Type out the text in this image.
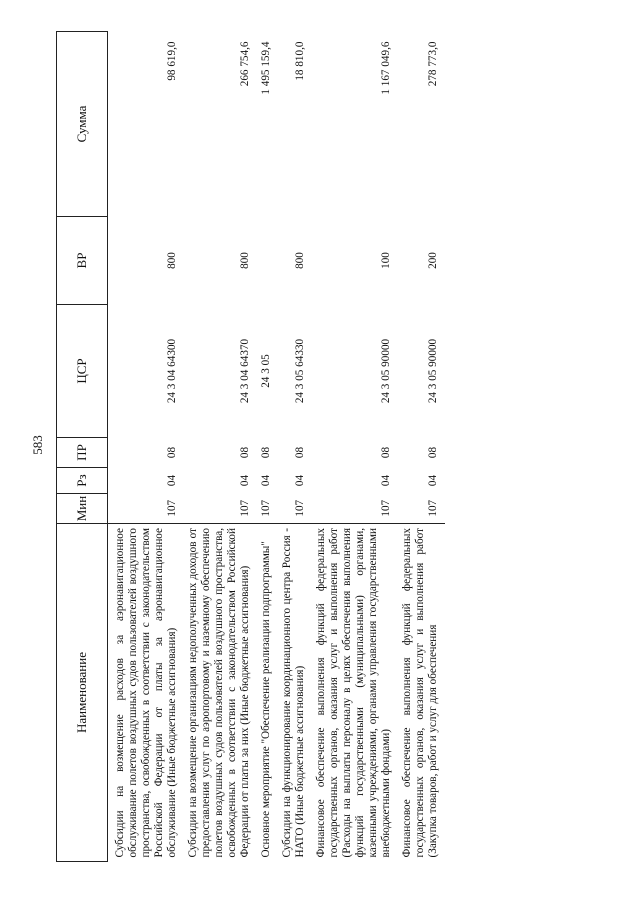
583
Наименование	Мин	Рз	ПР	ЦСР	ВР	Сумма
Субсидии на возмещение расходов за аэронавигационное обслуживание полетов воздушных судов пользователей воздушного пространства, освобожденных в соответствии с законодательством Российской Федерации от платы за аэронавигационное обслуживание (Иные бюджетные ассигнования)	107	04	08	24 3 04 64300	800	98 619,0
Субсидии на возмещение организациям недополученных доходов от предоставления услуг по аэропортовому и наземному обеспечению полетов воздушных судов пользователей воздушного пространства, освобожденных в соответствии с законодательством Российской Федерации от платы за них (Иные бюджетные ассигнования)	107	04	08	24 3 04 64370	800	266 754,6
Основное мероприятие "Обеспечение реализации подпрограммы"	107	04	08	24 3 05		1 495 159,4
Субсидии на функционирование координационного центра Россия - НАТО (Иные бюджетные ассигнования)	107	04	08	24 3 05 64330	800	18 810,0
Финансовое обеспечение выполнения функций федеральных государственных органов, оказания услуг и выполнения работ (Расходы на выплаты персоналу в целях обеспечения выполнения функций государственными (муниципальными) органами, казенными учреждениями, органами управления государственными внебюджетными фондами)	107	04	08	24 3 05 90000	100	1 167 049,6
Финансовое обеспечение выполнения функций федеральных государственных органов, оказания услуг и выполнения работ (Закупка товаров, работ и услуг для обеспечения	107	04	08	24 3 05 90000	200	278 773,0
